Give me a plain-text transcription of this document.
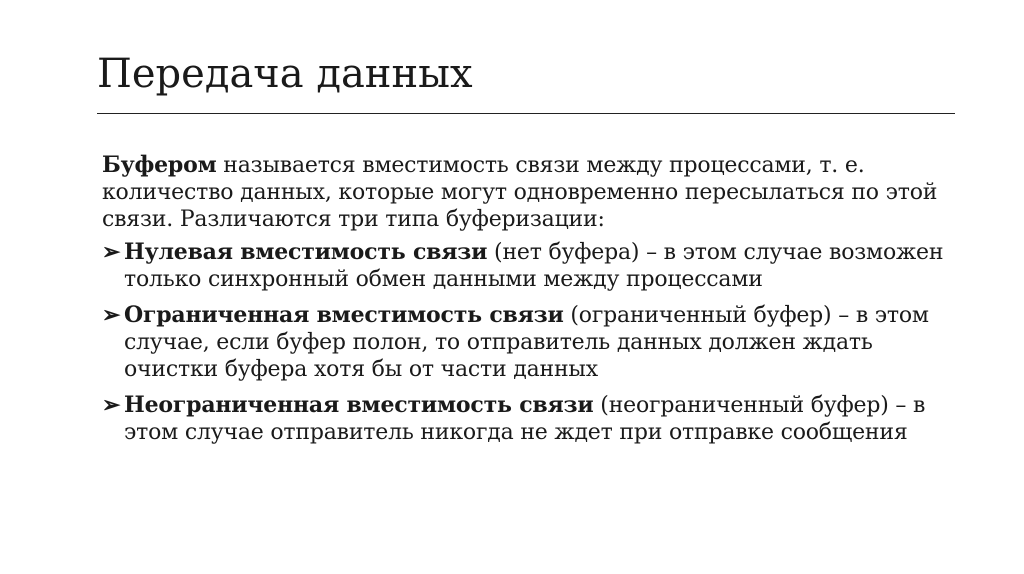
Передача данных

Буфером называется вместимость связи между процессами, т. е. количество данных, которые могут одновременно пересылаться по этой связи. Различаются три типа буферизации:

➢ Нулевая вместимость связи (нет буфера) – в этом случае возможен только синхронный обмен данными между процессами

➢ Ограниченная вместимость связи (ограниченный буфер) – в этом случае, если буфер полон, то отправитель данных должен ждать очистки буфера хотя бы от части данных

➢ Неограниченная вместимость связи (неограниченный буфер) – в этом случае отправитель никогда не ждет при отправке сообщения
